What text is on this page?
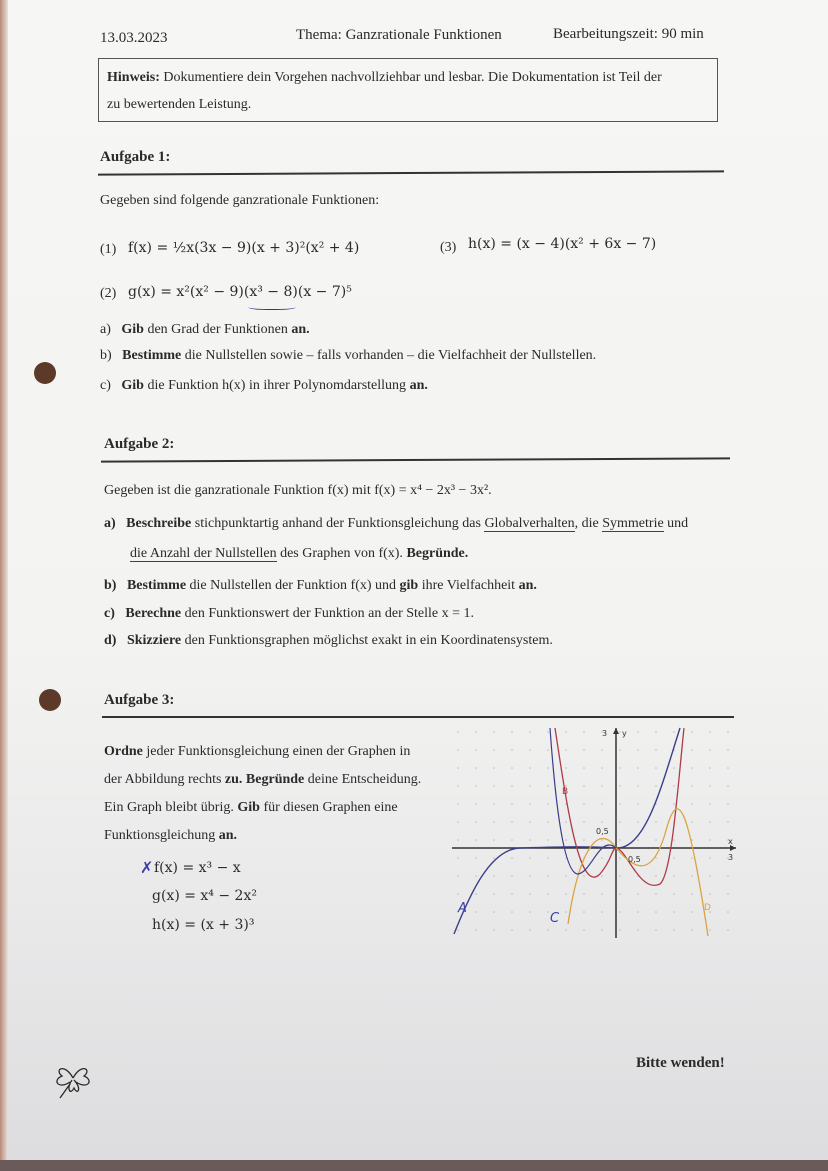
13.03.2023	Thema: Ganzrationale Funktionen	Bearbeitungszeit: 90 min
Hinweis: Dokumentiere dein Vorgehen nachvollziehbar und lesbar. Die Dokumentation ist Teil der
zu bewertenden Leistung.
Aufgabe 1:
Gegeben sind folgende ganzrationale Funktionen:
(1) f(x) = ½x(3x − 9)(x + 3)²(x² + 4)	(3) h(x) = (x − 4)(x² + 6x − 7)
(2) g(x) = x²(x² − 9)(x³ − 8)(x − 7)⁵
a) Gib den Grad der Funktionen an.
b) Bestimme die Nullstellen sowie – falls vorhanden – die Vielfachheit der Nullstellen.
c) Gib die Funktion h(x) in ihrer Polynomdarstellung an.
Aufgabe 2:
Gegeben ist die ganzrationale Funktion f(x) mit f(x) = x⁴ − 2x³ − 3x².
a) Beschreibe stichpunktartig anhand der Funktionsgleichung das Globalverhalten, die Symmetrie und
die Anzahl der Nullstellen des Graphen von f(x). Begründe.
b) Bestimme die Nullstellen der Funktion f(x) und gib ihre Vielfachheit an.
c) Berechne den Funktionswert der Funktion an der Stelle x = 1.
d) Skizziere den Funktionsgraphen möglichst exakt in ein Koordinatensystem.
Aufgabe 3:
Ordne jeder Funktionsgleichung einen der Graphen in
der Abbildung rechts zu. Begründe deine Entscheidung.
Ein Graph bleibt übrig. Gib für diesen Graphen eine
Funktionsgleichung an.
✗ f(x) = x³ − x
g(x) = x⁴ − 2x²
h(x) = (x + 3)³
3 y
x
3
0,5
0,5
B
D
A
C
Bitte wenden!
